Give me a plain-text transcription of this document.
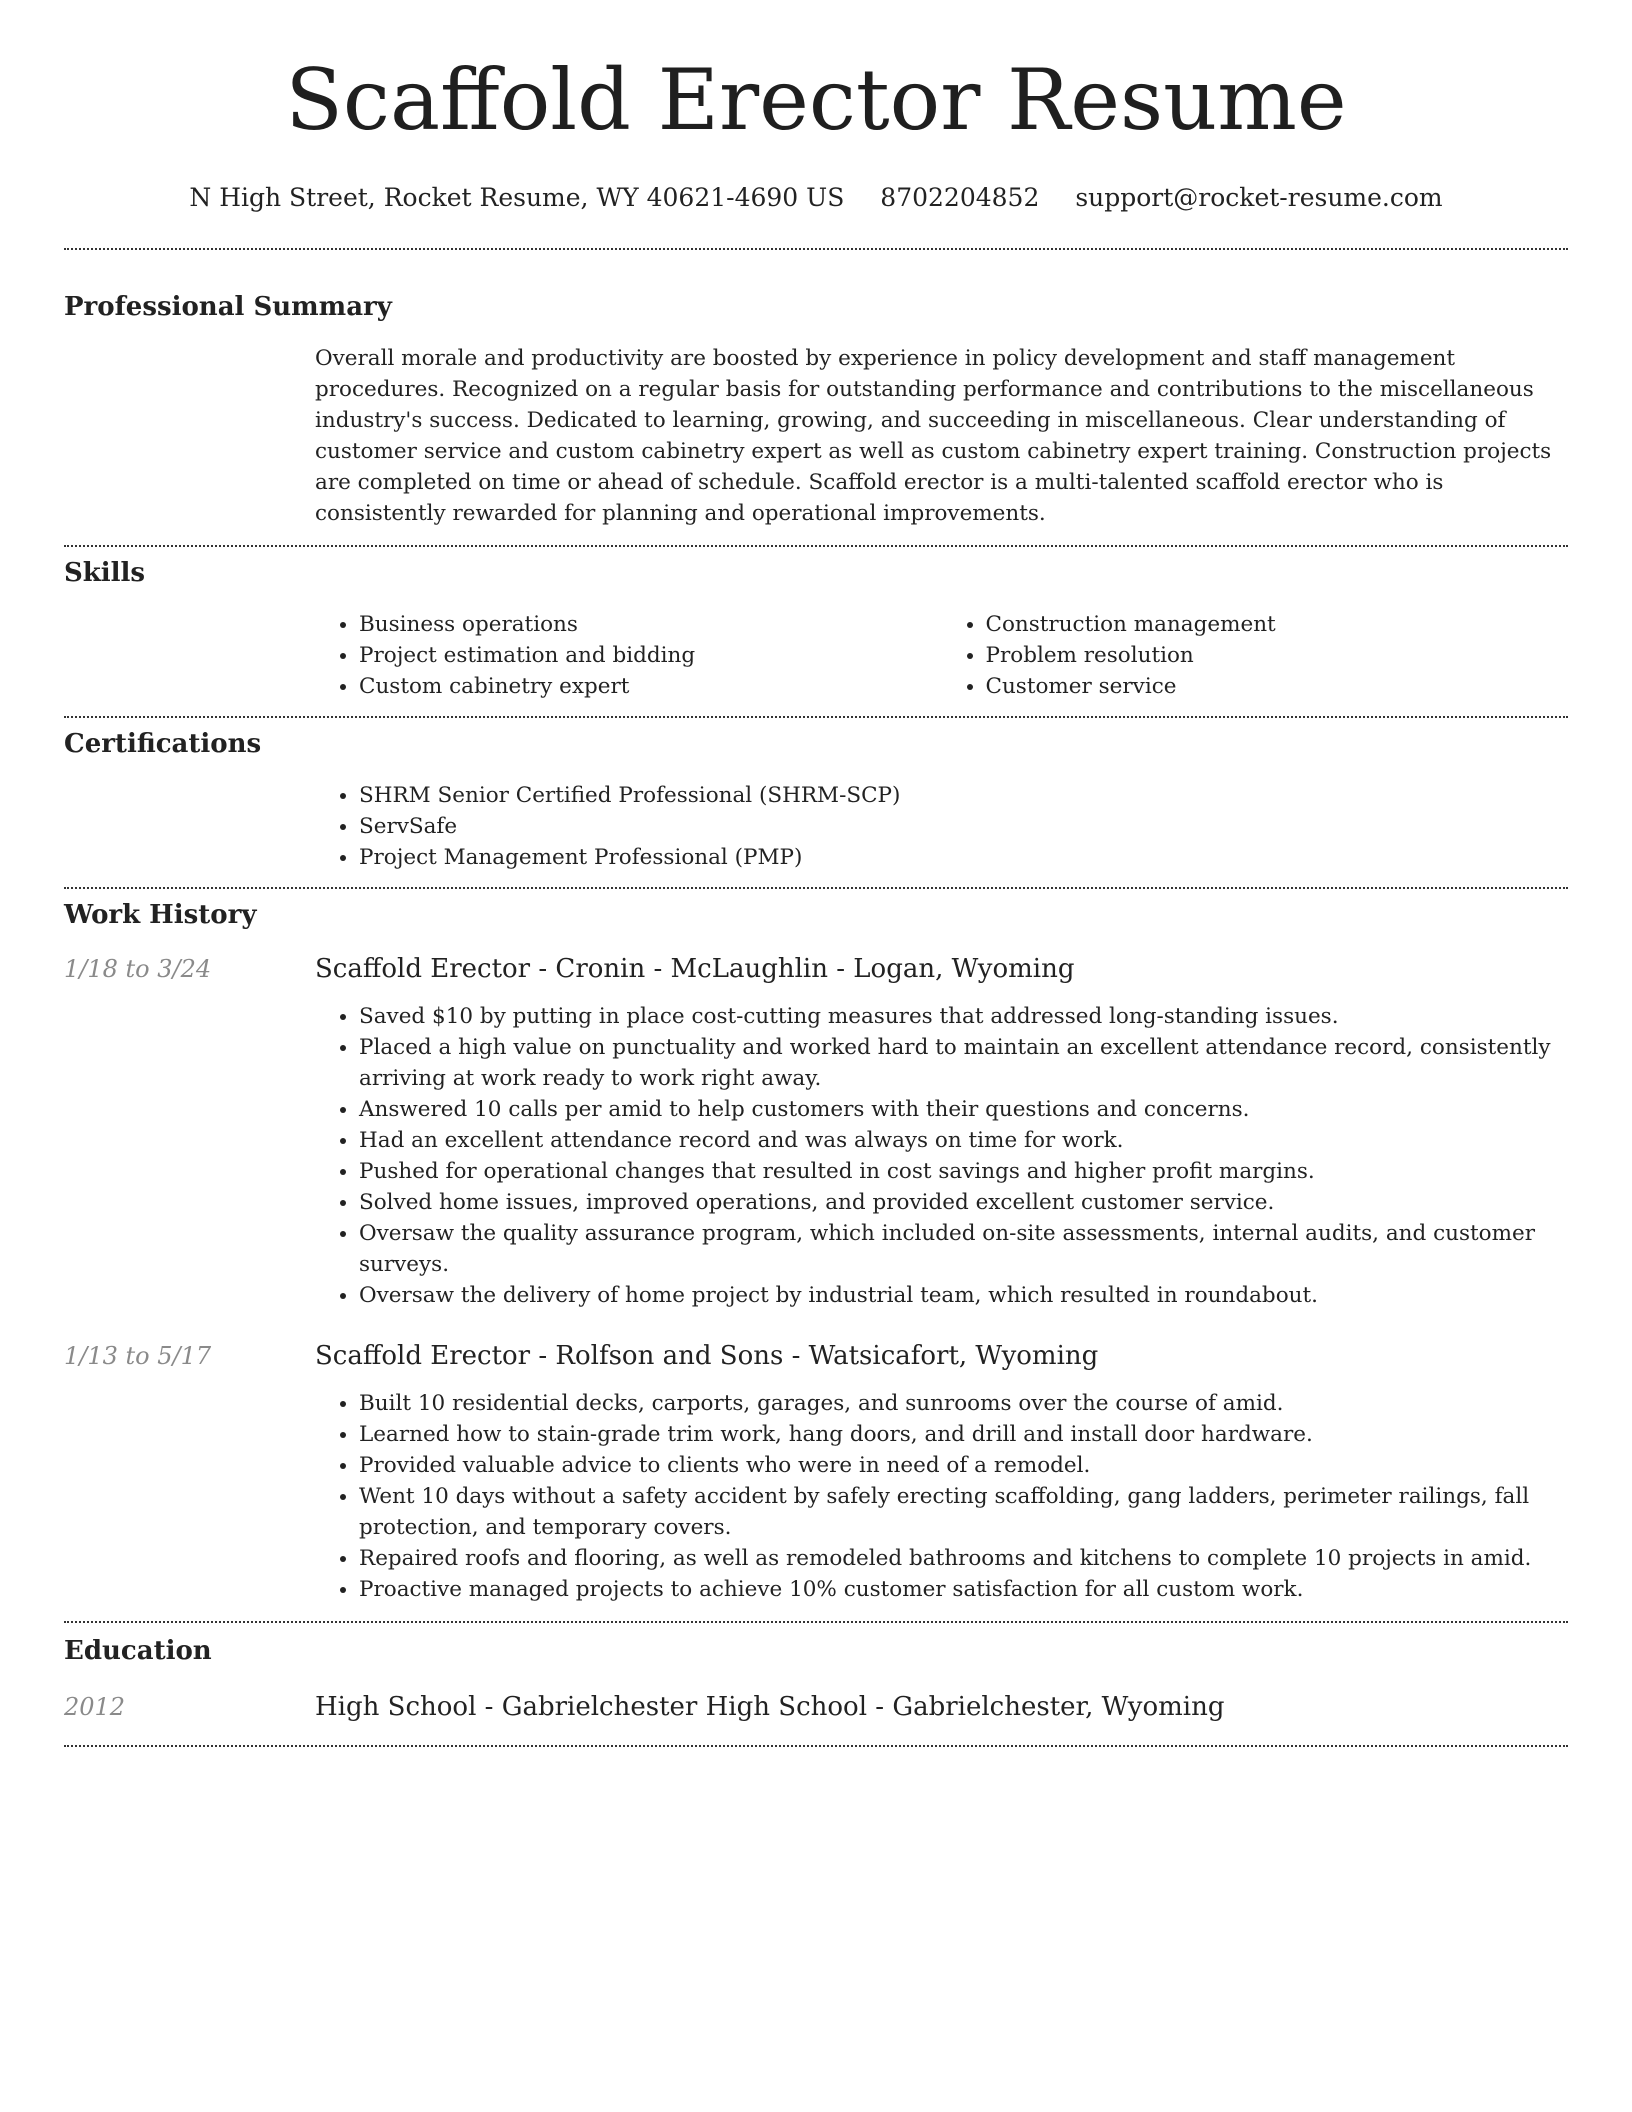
Scaffold Erector Resume
N High Street, Rocket Resume, WY 40621-4690 US 8702204852 support@rocket-resume.com
Professional Summary
Overall morale and productivity are boosted by experience in policy development and staff management procedures. Recognized on a regular basis for outstanding performance and contributions to the miscellaneous industry's success. Dedicated to learning, growing, and succeeding in miscellaneous. Clear understanding of customer service and custom cabinetry expert as well as custom cabinetry expert training. Construction projects are completed on time or ahead of schedule. Scaffold erector is a multi-talented scaffold erector who is consistently rewarded for planning and operational improvements.
Skills
• Business operations
• Project estimation and bidding
• Custom cabinetry expert
• Construction management
• Problem resolution
• Customer service
Certifications
• SHRM Senior Certified Professional (SHRM-SCP)
• ServSafe
• Project Management Professional (PMP)
Work History
1/18 to 3/24	Scaffold Erector - Cronin - McLaughlin - Logan, Wyoming
• Saved $10 by putting in place cost-cutting measures that addressed long-standing issues.
• Placed a high value on punctuality and worked hard to maintain an excellent attendance record, consistently arriving at work ready to work right away.
• Answered 10 calls per amid to help customers with their questions and concerns.
• Had an excellent attendance record and was always on time for work.
• Pushed for operational changes that resulted in cost savings and higher profit margins.
• Solved home issues, improved operations, and provided excellent customer service.
• Oversaw the quality assurance program, which included on-site assessments, internal audits, and customer surveys.
• Oversaw the delivery of home project by industrial team, which resulted in roundabout.
1/13 to 5/17	Scaffold Erector - Rolfson and Sons - Watsicafort, Wyoming
• Built 10 residential decks, carports, garages, and sunrooms over the course of amid.
• Learned how to stain-grade trim work, hang doors, and drill and install door hardware.
• Provided valuable advice to clients who were in need of a remodel.
• Went 10 days without a safety accident by safely erecting scaffolding, gang ladders, perimeter railings, fall protection, and temporary covers.
• Repaired roofs and flooring, as well as remodeled bathrooms and kitchens to complete 10 projects in amid.
• Proactive managed projects to achieve 10% customer satisfaction for all custom work.
Education
2012	High School - Gabrielchester High School - Gabrielchester, Wyoming
